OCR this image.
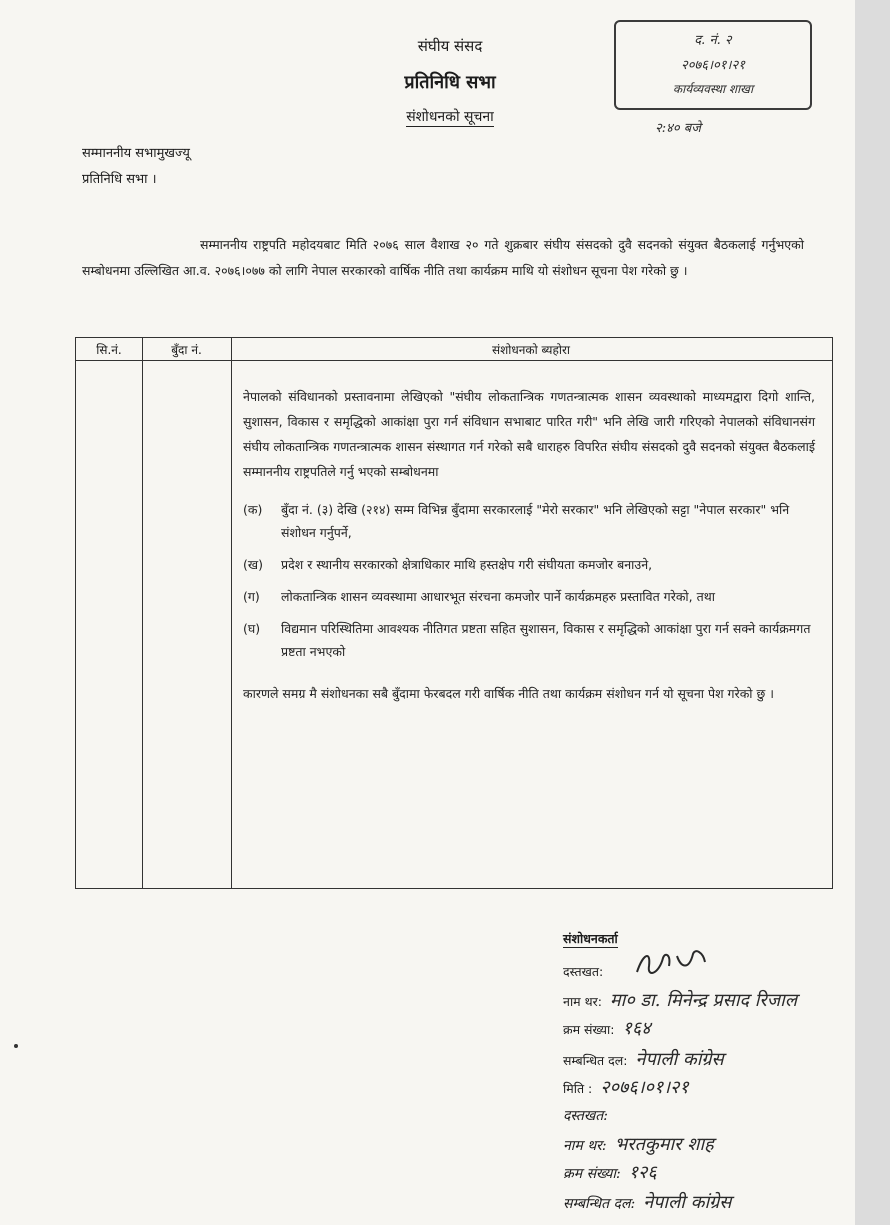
संघीय संसद
प्रतिनिधि सभा
संशोधनको सूचना
द. नं. २
२०७६।०१।२१
कार्यव्यवस्था शाखा
२:४० बजे
सम्माननीय सभामुखज्यू
प्रतिनिधि सभा ।
सम्माननीय राष्ट्रपति महोदयबाट मिति २०७६ साल वैशाख २० गते शुक्रबार संघीय संसदको दुवै सदनको संयुक्त बैठकलाई गर्नुभएको सम्बोधनमा उल्लिखित आ.व. २०७६।०७७ को लागि नेपाल सरकारको वार्षिक नीति तथा कार्यक्रम माथि यो संशोधन सूचना पेश गरेको छु ।
सि.नं.	बुँदा नं.	संशोधनको ब्यहोरा
नेपालको संविधानको प्रस्तावनामा लेखिएको "संघीय लोकतान्त्रिक गणतन्त्रात्मक शासन व्यवस्थाको माध्यमद्वारा दिगो शान्ति, सुशासन, विकास र समृद्धिको आकांक्षा पुरा गर्न संविधान सभाबाट पारित गरी" भनि लेखि जारी गरिएको नेपालको संविधानसंग संघीय लोकतान्त्रिक गणतन्त्रात्मक शासन संस्थागत गर्न गरेको सबै धाराहरु विपरित संघीय संसदको दुवै सदनको संयुक्त बैठकलाई सम्माननीय राष्ट्रपतिले गर्नु भएको सम्बोधनमा
(क)	बुँदा नं. (३) देखि (२१४) सम्म विभिन्न बुँदामा सरकारलाई "मेरो सरकार" भनि लेखिएको सट्टा "नेपाल सरकार" भनि संशोधन गर्नुपर्ने,
(ख)	प्रदेश र स्थानीय सरकारको क्षेत्राधिकार माथि हस्तक्षेप गरी संघीयता कमजोर बनाउने,
(ग)	लोकतान्त्रिक शासन व्यवस्थामा आधारभूत संरचना कमजोर पार्ने कार्यक्रमहरु प्रस्तावित गरेको, तथा
(घ)	विद्यमान परिस्थितिमा आवश्यक नीतिगत प्रष्टता सहित सुशासन, विकास र समृद्धिको आकांक्षा पुरा गर्न सक्ने कार्यक्रमगत प्रष्टता नभएको
कारणले समग्र मै संशोधनका सबै बुँदामा फेरबदल गरी वार्षिक नीति तथा कार्यक्रम संशोधन गर्न यो सूचना पेश गरेको छु ।
संशोधनकर्ता
दस्तखत:
नाम थर: मा० डा. मिनेन्द्र प्रसाद रिजाल
क्रम संख्या: १६४
सम्बन्धित दल: नेपाली कांग्रेस
मिति : २०७६।०१।२१
दस्तखत:
नाम थर: भरतकुमार शाह
क्रम संख्या: १२६
सम्बन्धित दल: नेपाली कांग्रेस
